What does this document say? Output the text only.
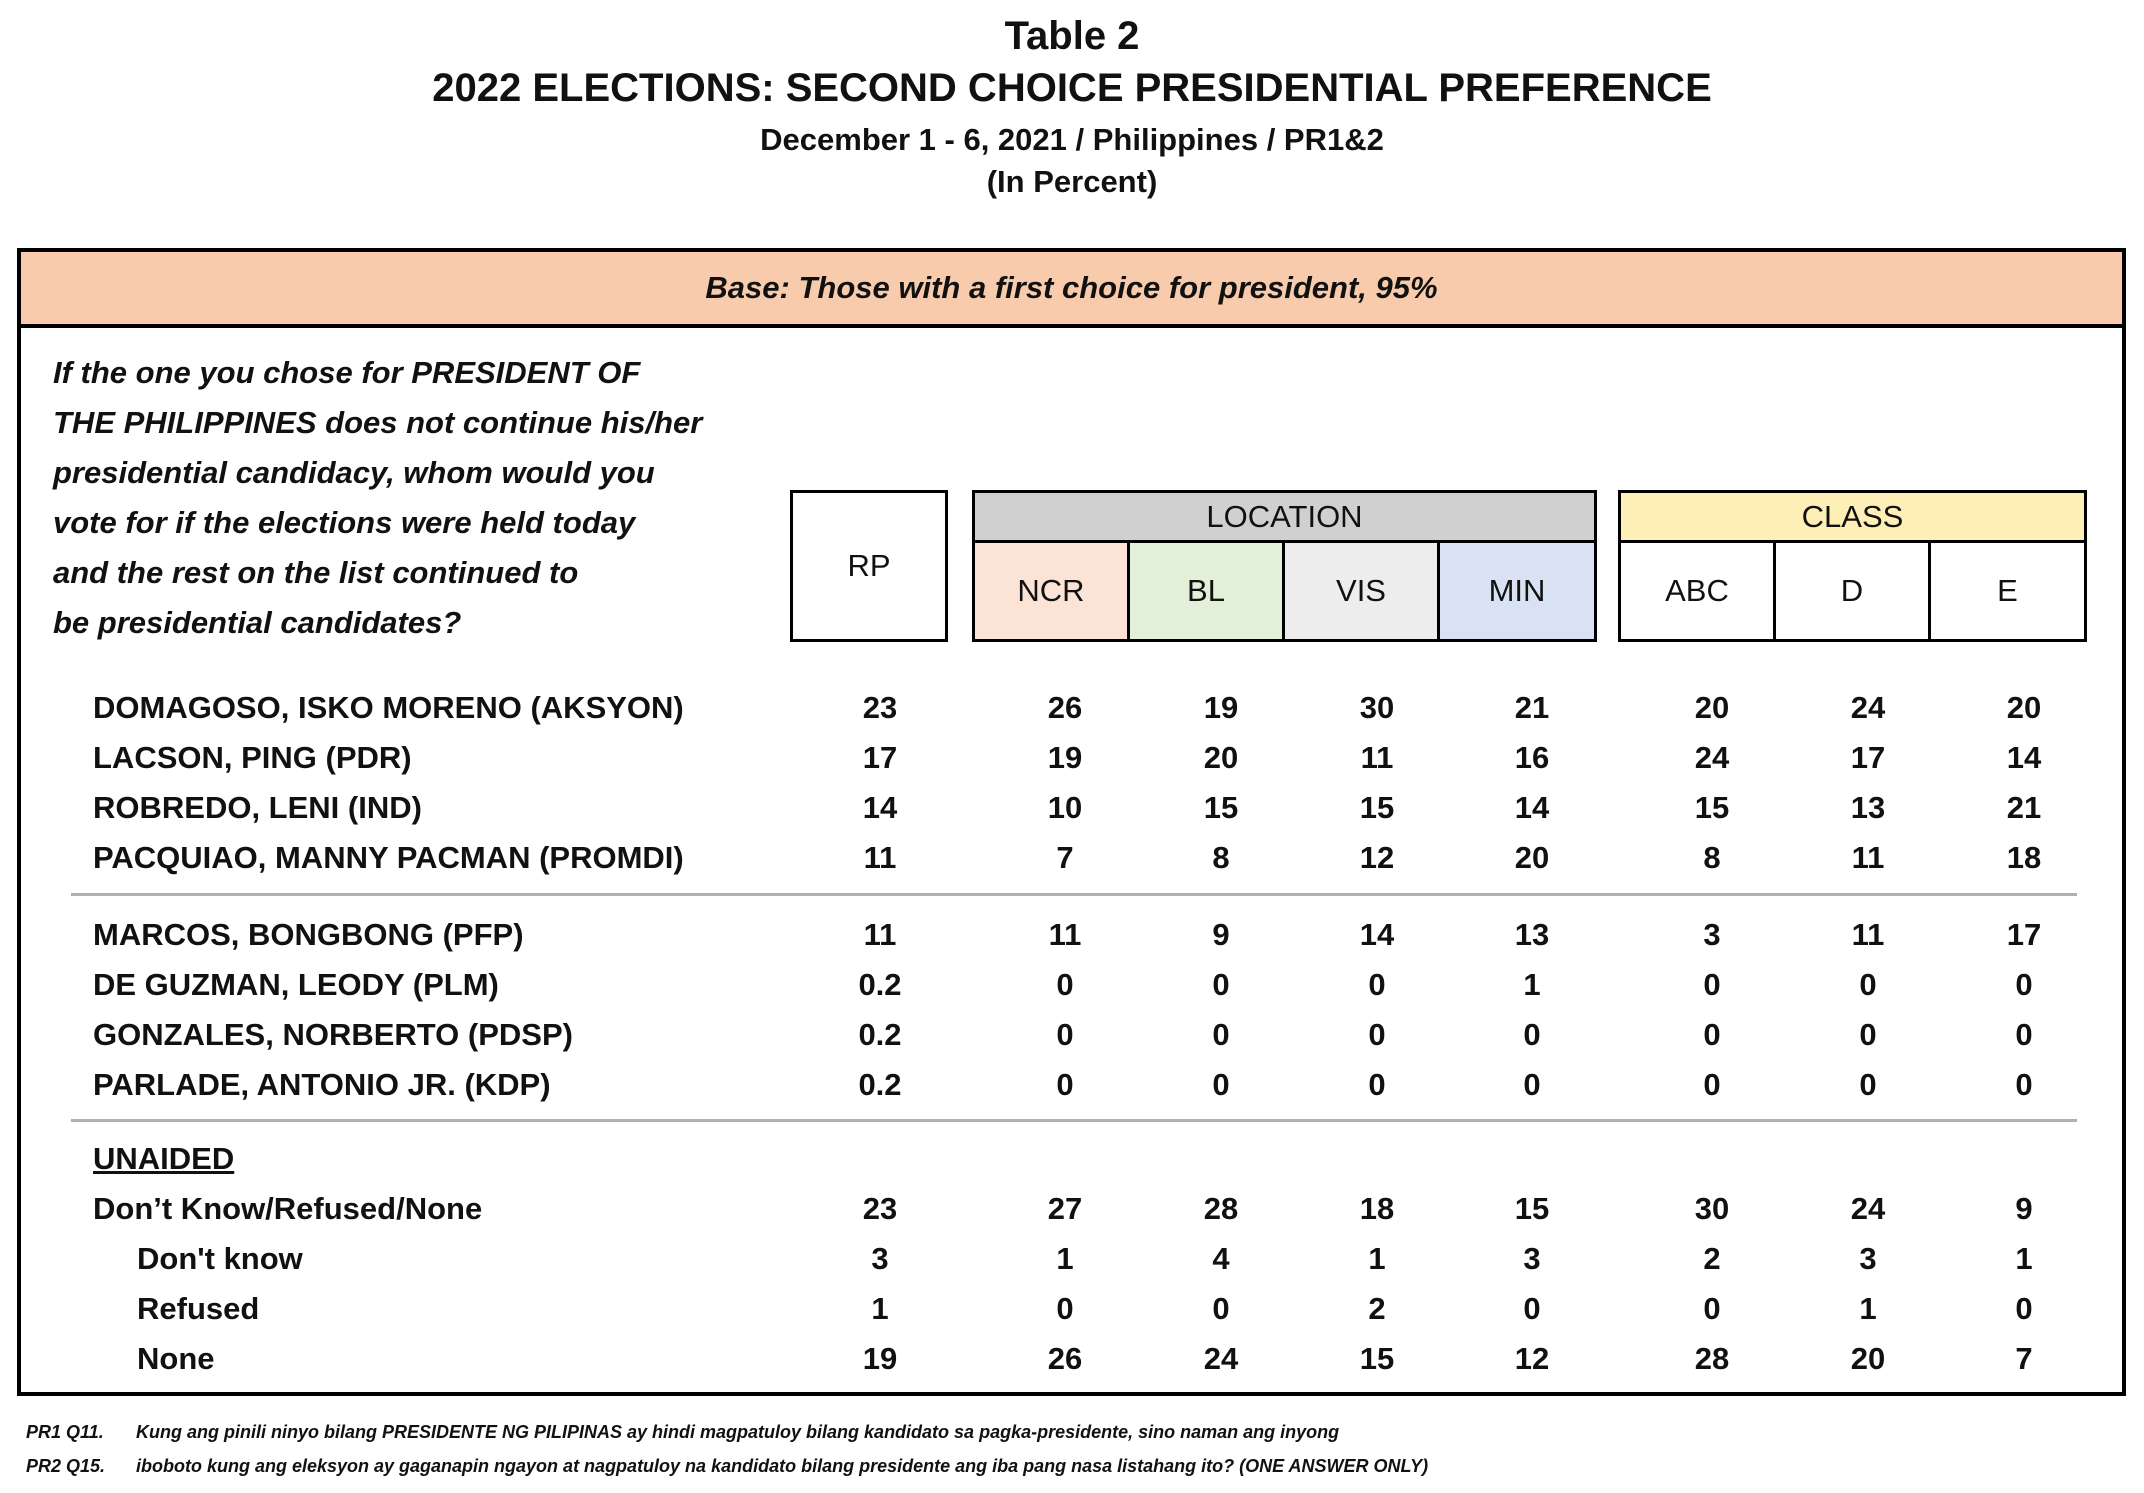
Table 2
2022 ELECTIONS: SECOND CHOICE PRESIDENTIAL PREFERENCE
December 1 - 6, 2021 / Philippines / PR1&2
(In Percent)
Base: Those with a first choice for president, 95%
If the one you chose for PRESIDENT OF
THE PHILIPPINES does not continue his/her
presidential candidacy, whom would you
vote for if the elections were held today
and the rest on the list continued to
be presidential candidates?
RP
LOCATION
NCR	BL	VIS	MIN
CLASS
ABC	D	E
UNAIDED
DOMAGOSO, ISKO MORENO (AKSYON)	23	26	19	30	21	20	24	20
LACSON, PING (PDR)	17	19	20	11	16	24	17	14
ROBREDO, LENI (IND)	14	10	15	15	14	15	13	21
PACQUIAO, MANNY PACMAN (PROMDI)	11	7	8	12	20	8	11	18
MARCOS, BONGBONG (PFP)	11	11	9	14	13	3	11	17
DE GUZMAN, LEODY (PLM)	0.2	0	0	0	1	0	0	0
GONZALES, NORBERTO (PDSP)	0.2	0	0	0	0	0	0	0
PARLADE, ANTONIO JR. (KDP)	0.2	0	0	0	0	0	0	0
Don’t Know/Refused/None	23	27	28	18	15	30	24	9
Don't know	3	1	4	1	3	2	3	1
Refused	1	0	0	2	0	0	1	0
None	19	26	24	15	12	28	20	7
PR1 Q11. Kung ang pinili ninyo bilang PRESIDENTE NG PILIPINAS ay hindi magpatuloy bilang kandidato sa pagka-presidente, sino naman ang inyong
PR2 Q15. iboboto kung ang eleksyon ay gaganapin ngayon at nagpatuloy na kandidato bilang presidente ang iba pang nasa listahang ito? (ONE ANSWER ONLY)
